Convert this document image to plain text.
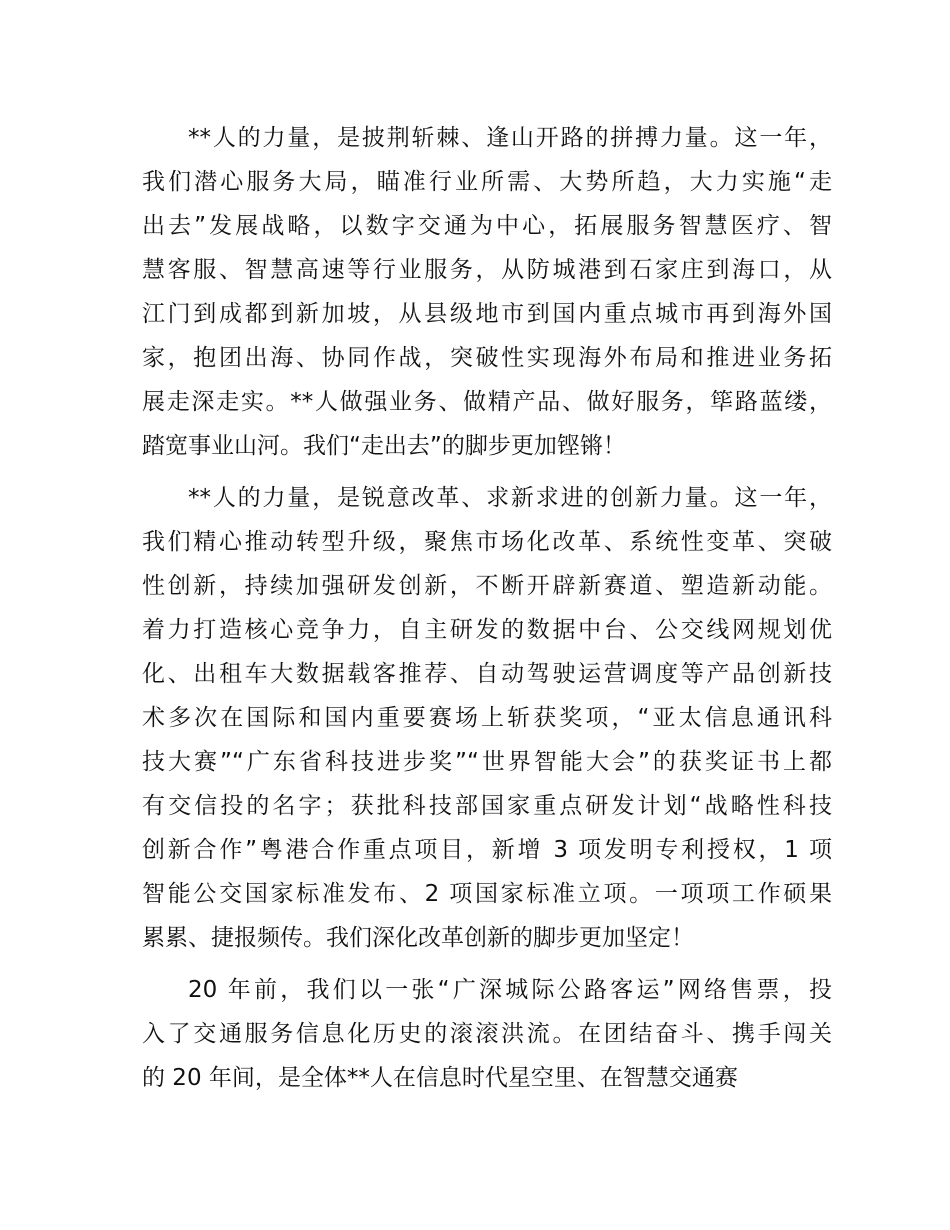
**人的力量，是披荆斩棘、逢山开路的拼搏力量。这一年，
我们潜心服务大局，瞄准行业所需、大势所趋，大力实施“走
出去”发展战略，以数字交通为中心，拓展服务智慧医疗、智
慧客服、智慧高速等行业服务，从防城港到石家庄到海口，从
江门到成都到新加坡，从县级地市到国内重点城市再到海外国
家，抱团出海、协同作战，突破性实现海外布局和推进业务拓
展走深走实。**人做强业务、做精产品、做好服务，筚路蓝缕，
踏宽事业山河。我们“走出去”的脚步更加铿锵！
**人的力量，是锐意改革、求新求进的创新力量。这一年，
我们精心推动转型升级，聚焦市场化改革、系统性变革、突破
性创新，持续加强研发创新，不断开辟新赛道、塑造新动能。
着力打造核心竞争力，自主研发的数据中台、公交线网规划优
化、出租车大数据载客推荐、自动驾驶运营调度等产品创新技
术多次在国际和国内重要赛场上斩获奖项，“亚太信息通讯科
技大赛”“广东省科技进步奖”“世界智能大会”的获奖证书上都
有交信投的名字；获批科技部国家重点研发计划“战略性科技
创新合作”粤港合作重点项目，新增 3 项发明专利授权，1 项
智能公交国家标准发布、2 项国家标准立项。一项项工作硕果
累累、捷报频传。我们深化改革创新的脚步更加坚定！
20 年前，我们以一张“广深城际公路客运”网络售票，投
入了交通服务信息化历史的滚滚洪流。在团结奋斗、携手闯关
的 20 年间，是全体**人在信息时代星空里、在智慧交通赛
